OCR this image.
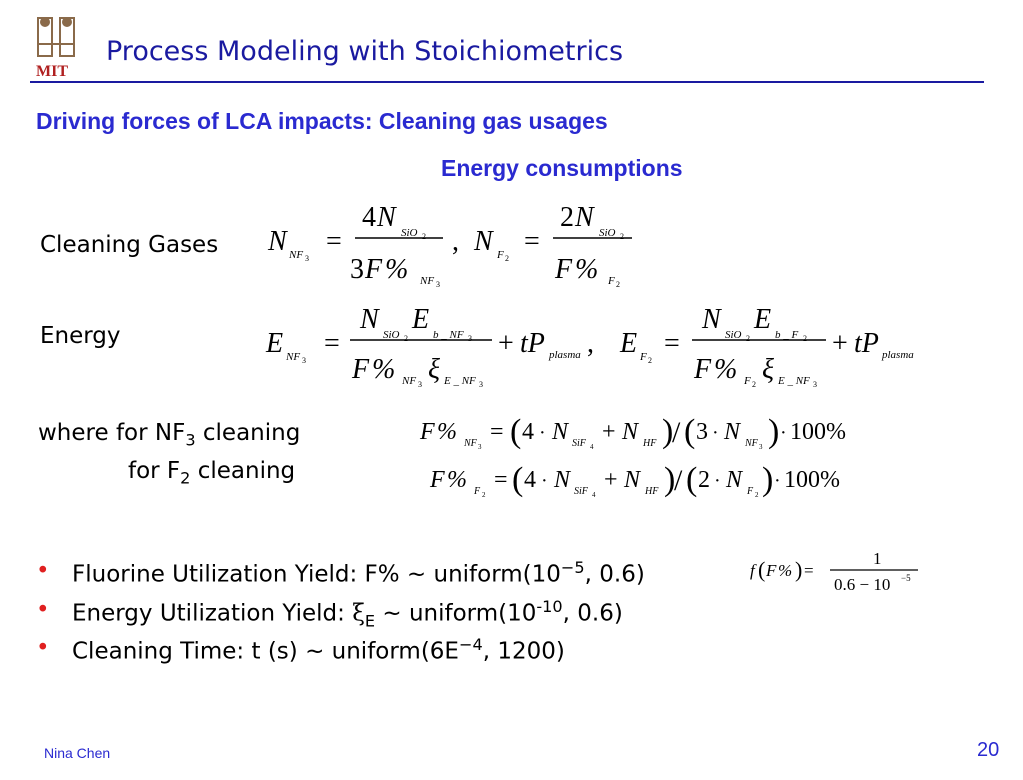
MIT
Process Modeling with Stoichiometrics
Driving forces of LCA impacts: Cleaning gas usages
Energy consumptions
Cleaning Gases
Energy
where for $NF_3$ cleaning
for $F_2$ cleaning
N NF 3
=
4 N SiO 2
3 F % NF 3
, N F 2
=
2 N SiO 2
F % F 2
E NF 3
=
N SiO 2
E b _ NF 3
F % NF 3 ξ E _ NF 3
+ tP plasma , E F 2
=
N SiO 2
E b _ F 2
F % F 2 ξ E _ NF 3
+ tP plasma
F % NF 3
= ( 4 · N SiF 4
+ N HF )
/ ( 3 · N NF 3 ) · 100%
F % F 2
= ( 4 · N SiF 4
+ N HF )
/ ( 2 · N F 2 ) · 100%
f ( F % ) =
1
0.6 − 10 −5
• Fluorine Utilization Yield: F% ~ $uniform(10^{-5}$, 0.6)
• Energy Utilization Yield: $\xi_E$ ~ $uniform(10^{-10}$, 0.6)
• Cleaning Time: t (s) ~ $uniform(6E^{-4}$, 1200)
Nina Chen	20
